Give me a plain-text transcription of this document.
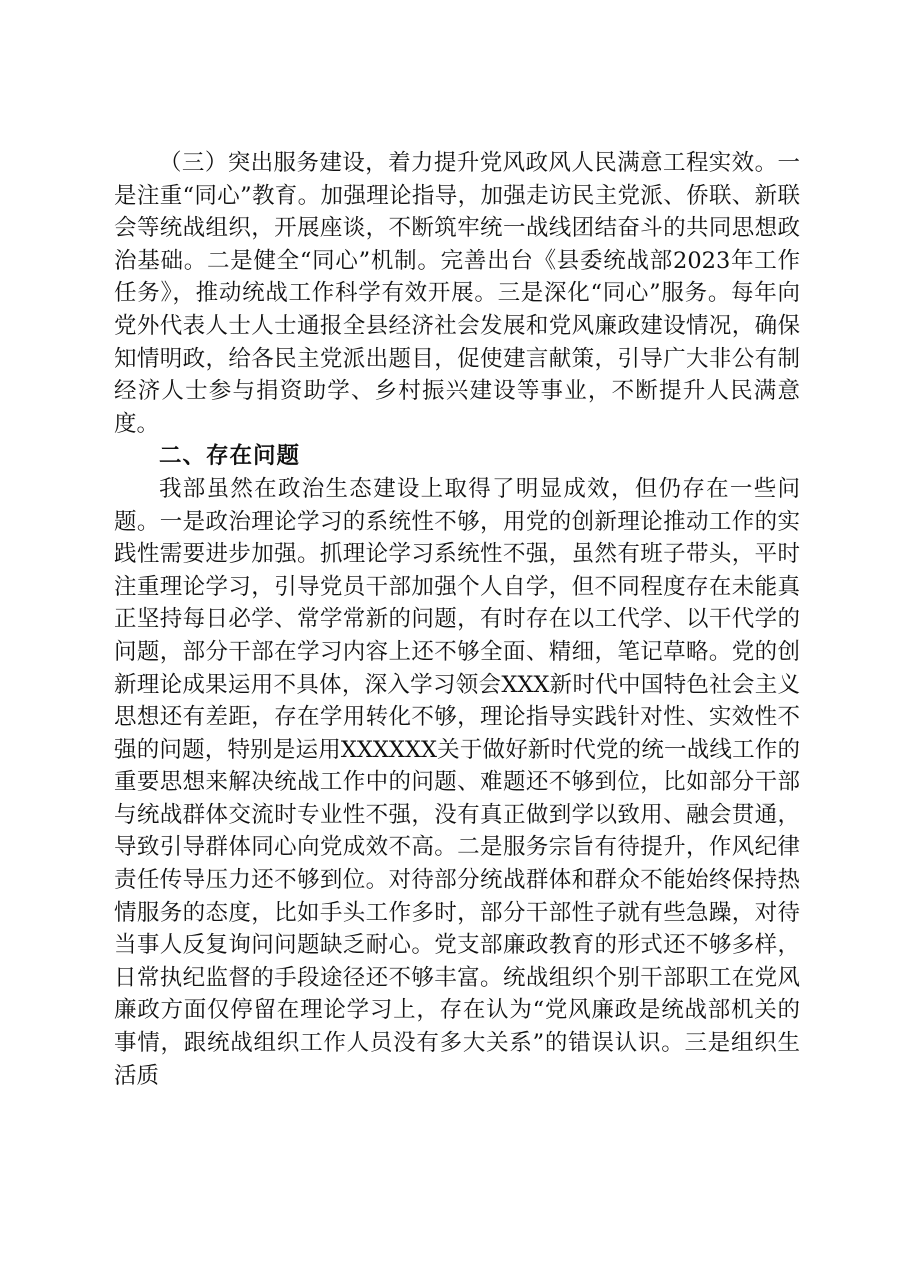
（三）突出服务建设，着力提升党风政风人民满意工程实效。一是注重“同心”教育。加强理论指导，加强走访民主党派、侨联、新联会等统战组织，开展座谈，不断筑牢统一战线团结奋斗的共同思想政治基础。二是健全“同心”机制。完善出台《县委统战部2023年工作任务》，推动统战工作科学有效开展。三是深化“同心”服务。每年向党外代表人士人士通报全县经济社会发展和党风廉政建设情况，确保知情明政，给各民主党派出题目，促使建言献策，引导广大非公有制经济人士参与捐资助学、乡村振兴建设等事业，不断提升人民满意度。

二、存在问题

我部虽然在政治生态建设上取得了明显成效，但仍存在一些问题。一是政治理论学习的系统性不够，用党的创新理论推动工作的实践性需要进步加强。抓理论学习系统性不强，虽然有班子带头，平时注重理论学习，引导党员干部加强个人自学，但不同程度存在未能真正坚持每日必学、常学常新的问题，有时存在以工代学、以干代学的问题，部分干部在学习内容上还不够全面、精细，笔记草略。党的创新理论成果运用不具体，深入学习领会XXX新时代中国特色社会主义思想还有差距，存在学用转化不够，理论指导实践针对性、实效性不强的问题，特别是运用XXXXXX关于做好新时代党的统一战线工作的重要思想来解决统战工作中的问题、难题还不够到位，比如部分干部与统战群体交流时专业性不强，没有真正做到学以致用、融会贯通，导致引导群体同心向党成效不高。二是服务宗旨有待提升，作风纪律责任传导压力还不够到位。对待部分统战群体和群众不能始终保持热情服务的态度，比如手头工作多时，部分干部性子就有些急躁，对待当事人反复询问问题缺乏耐心。党支部廉政教育的形式还不够多样，日常执纪监督的手段途径还不够丰富。统战组织个别干部职工在党风廉政方面仅停留在理论学习上，存在认为“党风廉政是统战部机关的事情，跟统战组织工作人员没有多大关系”的错误认识。三是组织生活质
